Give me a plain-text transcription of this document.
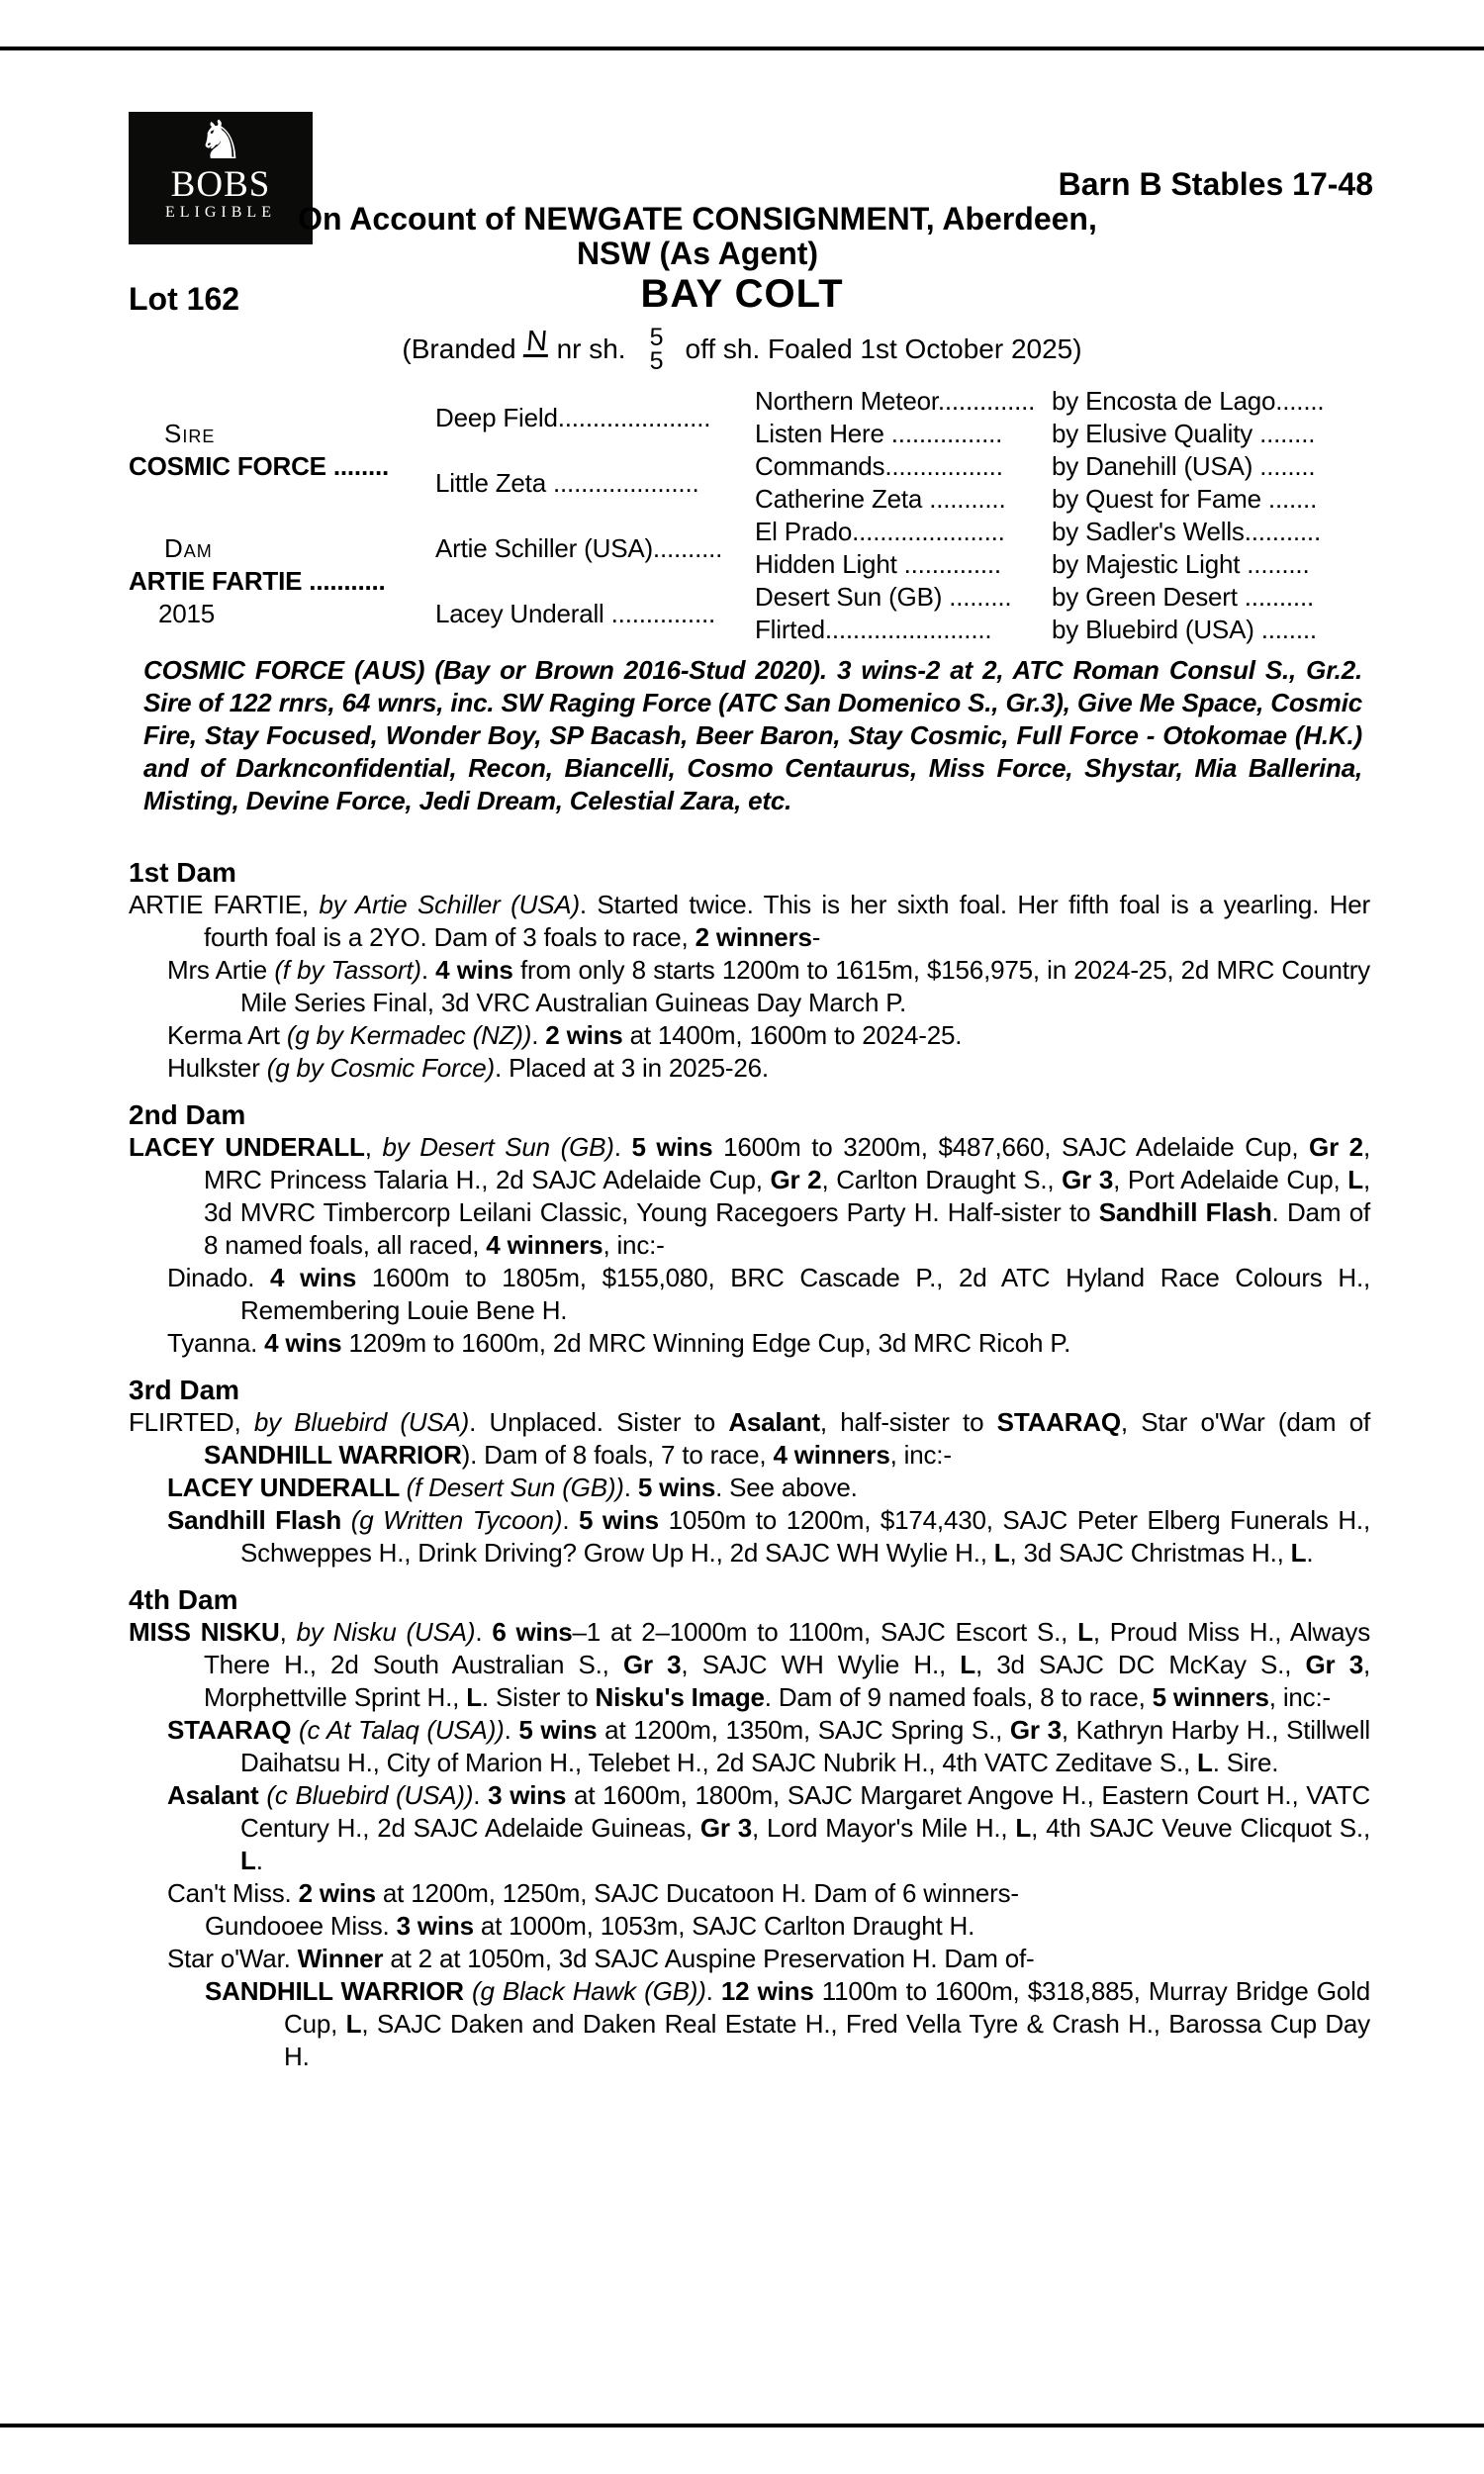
♞
BOBS
ELIGIBLE
Barn B Stables 17-48
On Account of NEWGATE CONSIGNMENT, Aberdeen,
NSW (As Agent)
Lot 162	BAY COLT
(Branded N nr sh. 5
5 off sh. Foaled 1st October 2025)
Sire
COSMIC FORCE ........
Dam
ARTIE FARTIE ...........
2015
Deep Field......................
Little Zeta .....................
Artie Schiller (USA)..........
Lacey Underall ...............
Northern Meteor..............
Listen Here ................
Commands.................
Catherine Zeta ...........
El Prado......................
Hidden Light ..............
Desert Sun (GB) .........
Flirted........................
by Encosta de Lago.......
by Elusive Quality ........
by Danehill (USA) ........
by Quest for Fame .......
by Sadler's Wells...........
by Majestic Light .........
by Green Desert ..........
by Bluebird (USA) ........

COSMIC FORCE (AUS) (Bay or Brown 2016-Stud 2020). 3 wins-2 at 2, ATC Roman Consul S., Gr.2. Sire of 122 rnrs, 64 wnrs, inc. SW Raging Force (ATC San Domenico S., Gr.3), Give Me Space, Cosmic Fire, Stay Focused, Wonder Boy, SP Bacash, Beer Baron, Stay Cosmic, Full Force - Otokomae (H.K.) and of Darknconfidential, Recon, Biancelli, Cosmo Centaurus, Miss Force, Shystar, Mia Ballerina, Misting, Devine Force, Jedi Dream, Celestial Zara, etc.

1st Dam

ARTIE FARTIE, by Artie Schiller (USA). Started twice. This is her sixth foal. Her fifth foal is a yearling. Her fourth foal is a 2YO. Dam of 3 foals to race, 2 winners-

Mrs Artie (f by Tassort). 4 wins from only 8 starts 1200m to 1615m, $156,975, in 2024-25, 2d MRC Country Mile Series Final, 3d VRC Australian Guineas Day March P.

Kerma Art (g by Kermadec (NZ)). 2 wins at 1400m, 1600m to 2024-25.

Hulkster (g by Cosmic Force). Placed at 3 in 2025-26.

2nd Dam

LACEY UNDERALL, by Desert Sun (GB). 5 wins 1600m to 3200m, $487,660, SAJC Adelaide Cup, Gr 2, MRC Princess Talaria H., 2d SAJC Adelaide Cup, Gr 2, Carlton Draught S., Gr 3, Port Adelaide Cup, L, 3d MVRC Timbercorp Leilani Classic, Young Racegoers Party H. Half-sister to Sandhill Flash. Dam of 8 named foals, all raced, 4 winners, inc:-

Dinado. 4 wins 1600m to 1805m, $155,080, BRC Cascade P., 2d ATC Hyland Race Colours H., Remembering Louie Bene H.

Tyanna. 4 wins 1209m to 1600m, 2d MRC Winning Edge Cup, 3d MRC Ricoh P.

3rd Dam

FLIRTED, by Bluebird (USA). Unplaced. Sister to Asalant, half-sister to STAARAQ, Star o'War (dam of SANDHILL WARRIOR). Dam of 8 foals, 7 to race, 4 winners, inc:-

LACEY UNDERALL (f Desert Sun (GB)). 5 wins. See above.

Sandhill Flash (g Written Tycoon). 5 wins 1050m to 1200m, $174,430, SAJC Peter Elberg Funerals H., Schweppes H., Drink Driving? Grow Up H., 2d SAJC WH Wylie H., L, 3d SAJC Christmas H., L.

4th Dam

MISS NISKU, by Nisku (USA). 6 wins–1 at 2–1000m to 1100m, SAJC Escort S., L, Proud Miss H., Always There H., 2d South Australian S., Gr 3, SAJC WH Wylie H., L, 3d SAJC DC McKay S., Gr 3, Morphettville Sprint H., L. Sister to Nisku's Image. Dam of 9 named foals, 8 to race, 5 winners, inc:-

STAARAQ (c At Talaq (USA)). 5 wins at 1200m, 1350m, SAJC Spring S., Gr 3, Kathryn Harby H., Stillwell Daihatsu H., City of Marion H., Telebet H., 2d SAJC Nubrik H., 4th VATC Zeditave S., L. Sire.

Asalant (c Bluebird (USA)). 3 wins at 1600m, 1800m, SAJC Margaret Angove H., Eastern Court H., VATC Century H., 2d SAJC Adelaide Guineas, Gr 3, Lord Mayor's Mile H., L, 4th SAJC Veuve Clicquot S., L.

Can't Miss. 2 wins at 1200m, 1250m, SAJC Ducatoon H. Dam of 6 winners-

Gundooee Miss. 3 wins at 1000m, 1053m, SAJC Carlton Draught H.

Star o'War. Winner at 2 at 1050m, 3d SAJC Auspine Preservation H. Dam of-

SANDHILL WARRIOR (g Black Hawk (GB)). 12 wins 1100m to 1600m, $318,885, Murray Bridge Gold Cup, L, SAJC Daken and Daken Real Estate H., Fred Vella Tyre & Crash H., Barossa Cup Day H.
